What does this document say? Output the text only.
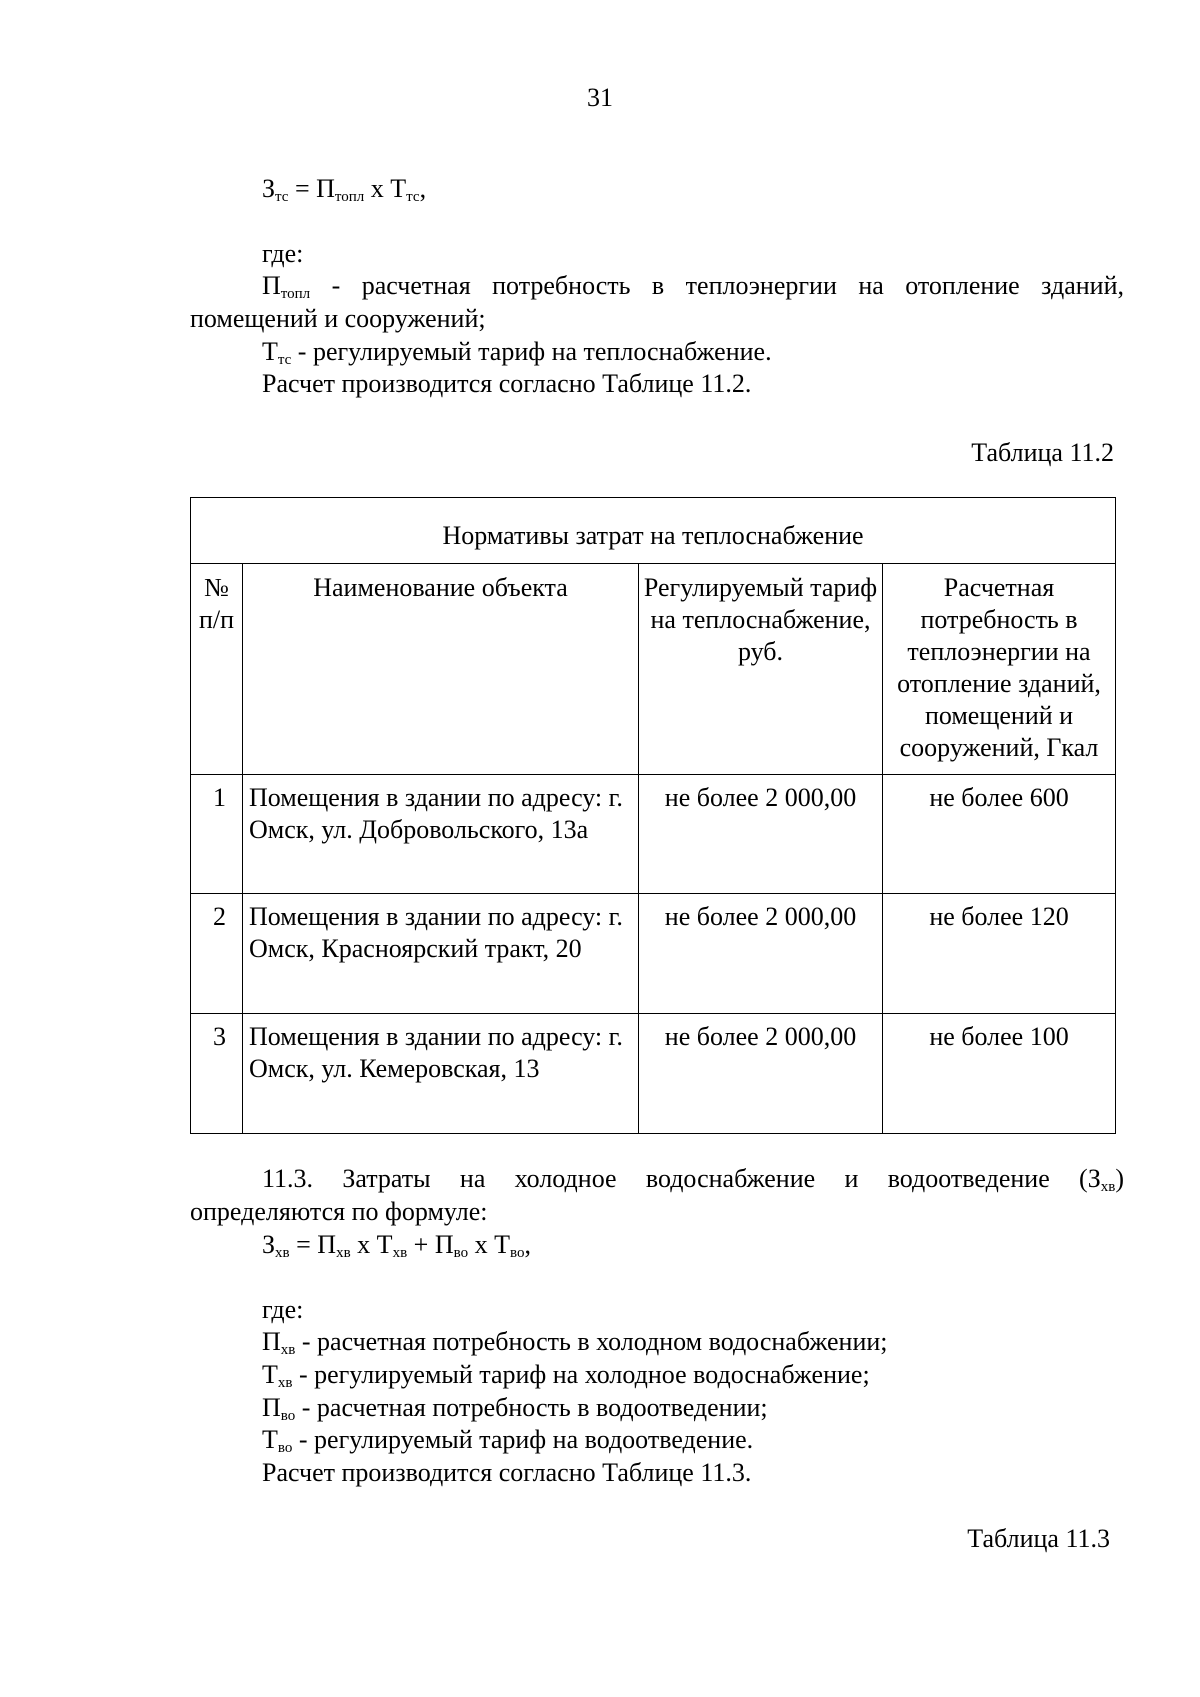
31
$З_{тс} = П_{топл}$ х $Т_{тс}$,
где:
$П_{топл}$ - расчетная потребность в теплоэнергии на отопление зданий,
помещений и сооружений;
$Т_{тс}$ - регулируемый тариф на теплоснабжение.
Расчет производится согласно Таблице 11.2.
Таблица 11.2
Нормативы затрат на теплоснабжение			
№ п/п	Наименование объекта	Регулируемый тариф на теплоснабжение, руб.	Расчетная потребность в теплоэнергии на отопление зданий, помещений и сооружений, Гкал
1	Помещения в здании по адресу: г. Омск, ул. Добровольского, 13а	не более 2 000,00	не более 600
2	Помещения в здании по адресу: г. Омск, Красноярский тракт, 20	не более 2 000,00	не более 120
3	Помещения в здании по адресу: г. Омск, ул. Кемеровская, 13	не более 2 000,00	не более 100
11.3. Затраты на холодное водоснабжение и водоотведение $(З_{хв})$
определяются по формуле:
$З_{хв} = П_{хв}$ х $Т_{хв} + П_{во}$ х $Т_{во}$,
где:
$П_{хв}$ - расчетная потребность в холодном водоснабжении;
$Т_{хв}$ - регулируемый тариф на холодное водоснабжение;
$П_{во}$ - расчетная потребность в водоотведении;
$Т_{во}$ - регулируемый тариф на водоотведение.
Расчет производится согласно Таблице 11.3.
Таблица 11.3
